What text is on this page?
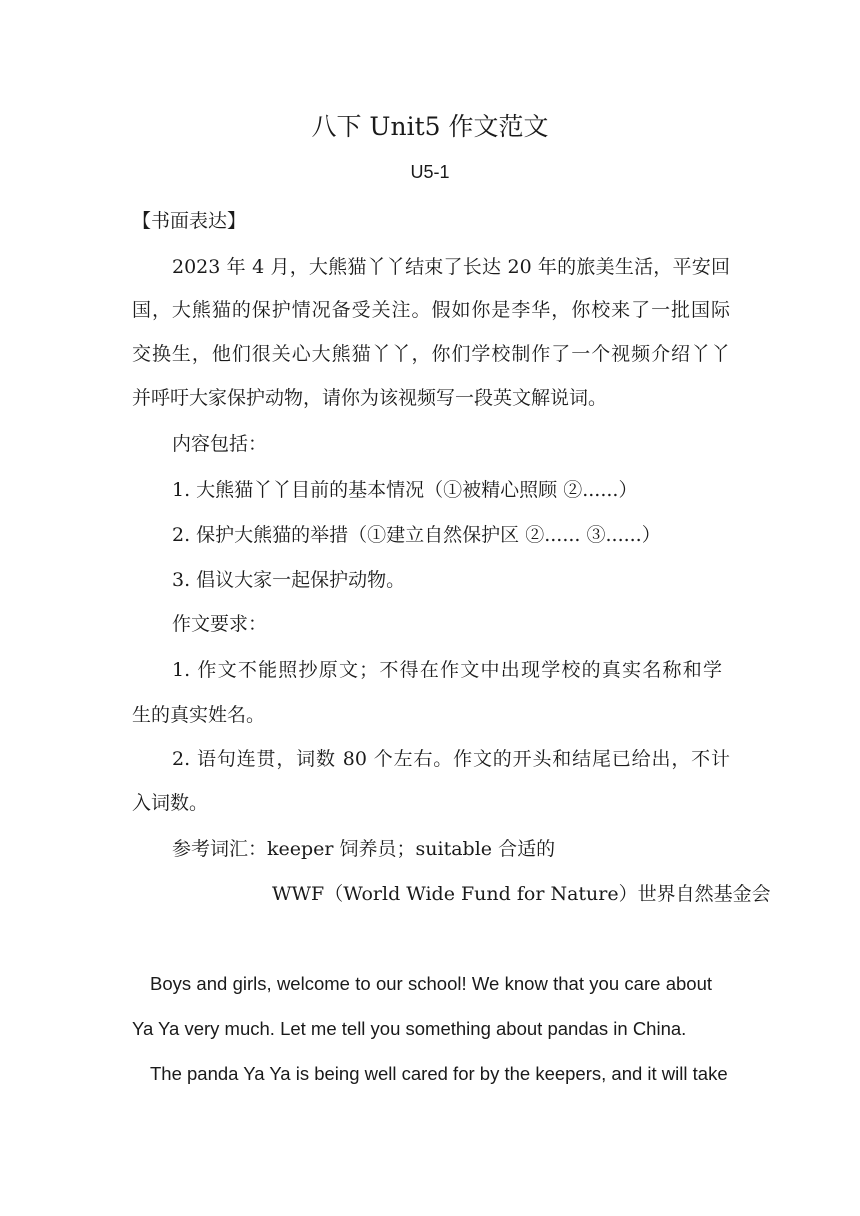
八下 Unit5 作文范文
U5-1
【书面表达】
2023 年 4 月，大熊猫丫丫结束了长达 20 年的旅美生活，平安回
国，大熊猫的保护情况备受关注。假如你是李华，你校来了一批国际
交换生，他们很关心大熊猫丫丫，你们学校制作了一个视频介绍丫丫
并呼吁大家保护动物，请你为该视频写一段英文解说词。
内容包括：
1. 大熊猫丫丫目前的基本情况（①被精心照顾 ②......）
2. 保护大熊猫的举措（①建立自然保护区 ②...... ③......）
3. 倡议大家一起保护动物。
作文要求：
1. 作文不能照抄原文；不得在作文中出现学校的真实名称和学
生的真实姓名。
2. 语句连贯，词数 80 个左右。作文的开头和结尾已给出，不计
入词数。
参考词汇：keeper 饲养员；suitable 合适的
WWF（World Wide Fund for Nature）世界自然基金会
Boys and girls, welcome to our school! We know that you care about
Ya Ya very much. Let me tell you something about pandas in China.
The panda Ya Ya is being well cared for by the keepers, and it will take
